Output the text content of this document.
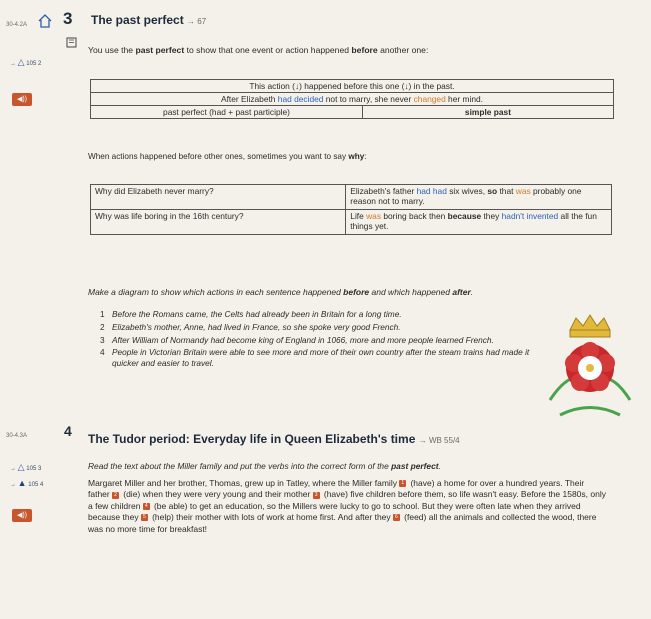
30-4.2A 3 The past perfect → 67
→ △ 105 2
◀))
You use the past perfect to show that one event or action happened before another one:
This action (↓) happened before this one (↓) in the past.
After Elizabeth had decided not to marry, she never changed her mind.
past perfect (had + past participle)	simple past
When actions happened before other ones, sometimes you want to say why:
Why did Elizabeth never marry?	Elizabeth's father had had six wives, so that was probably one reason not to marry.
Why was life boring in the 16th century?	Life was boring back then because they hadn't invented all the fun things yet.
Make a diagram to show which actions in each sentence happened before and which happened after.
1 Before the Romans came, the Celts had already been in Britain for a long time.
2 Elizabeth's mother, Anne, had lived in France, so she spoke very good French.
3 After William of Normandy had become king of England in 1066, more and more people learned French.
4 People in Victorian Britain were able to see more and more of their own country after the steam trains had made it quicker and easier to travel.
30-4.3A	4 The Tudor period: Everyday life in Queen Elizabeth's time → WB 55/4
→ △ 105 3
→ ▲ 105 4
◀))
Read the text about the Miller family and put the verbs into the correct form of the past perfect.
Margaret Miller and her brother, Thomas, grew up in Tatley, where the Miller family 1 (have) a home for over a hundred years. Their father 2 (die) when they were very young and their mother 3 (have) five children before them, so life wasn't easy. Before the 1580s, only a few children 4 (be able) to get an education, so the Millers were lucky to go to school. But they were often late when they arrived because they 5 (help) their mother with lots of work at home first. And after they 6 (feed) all the animals and collected the wood, there was no more time for breakfast!
